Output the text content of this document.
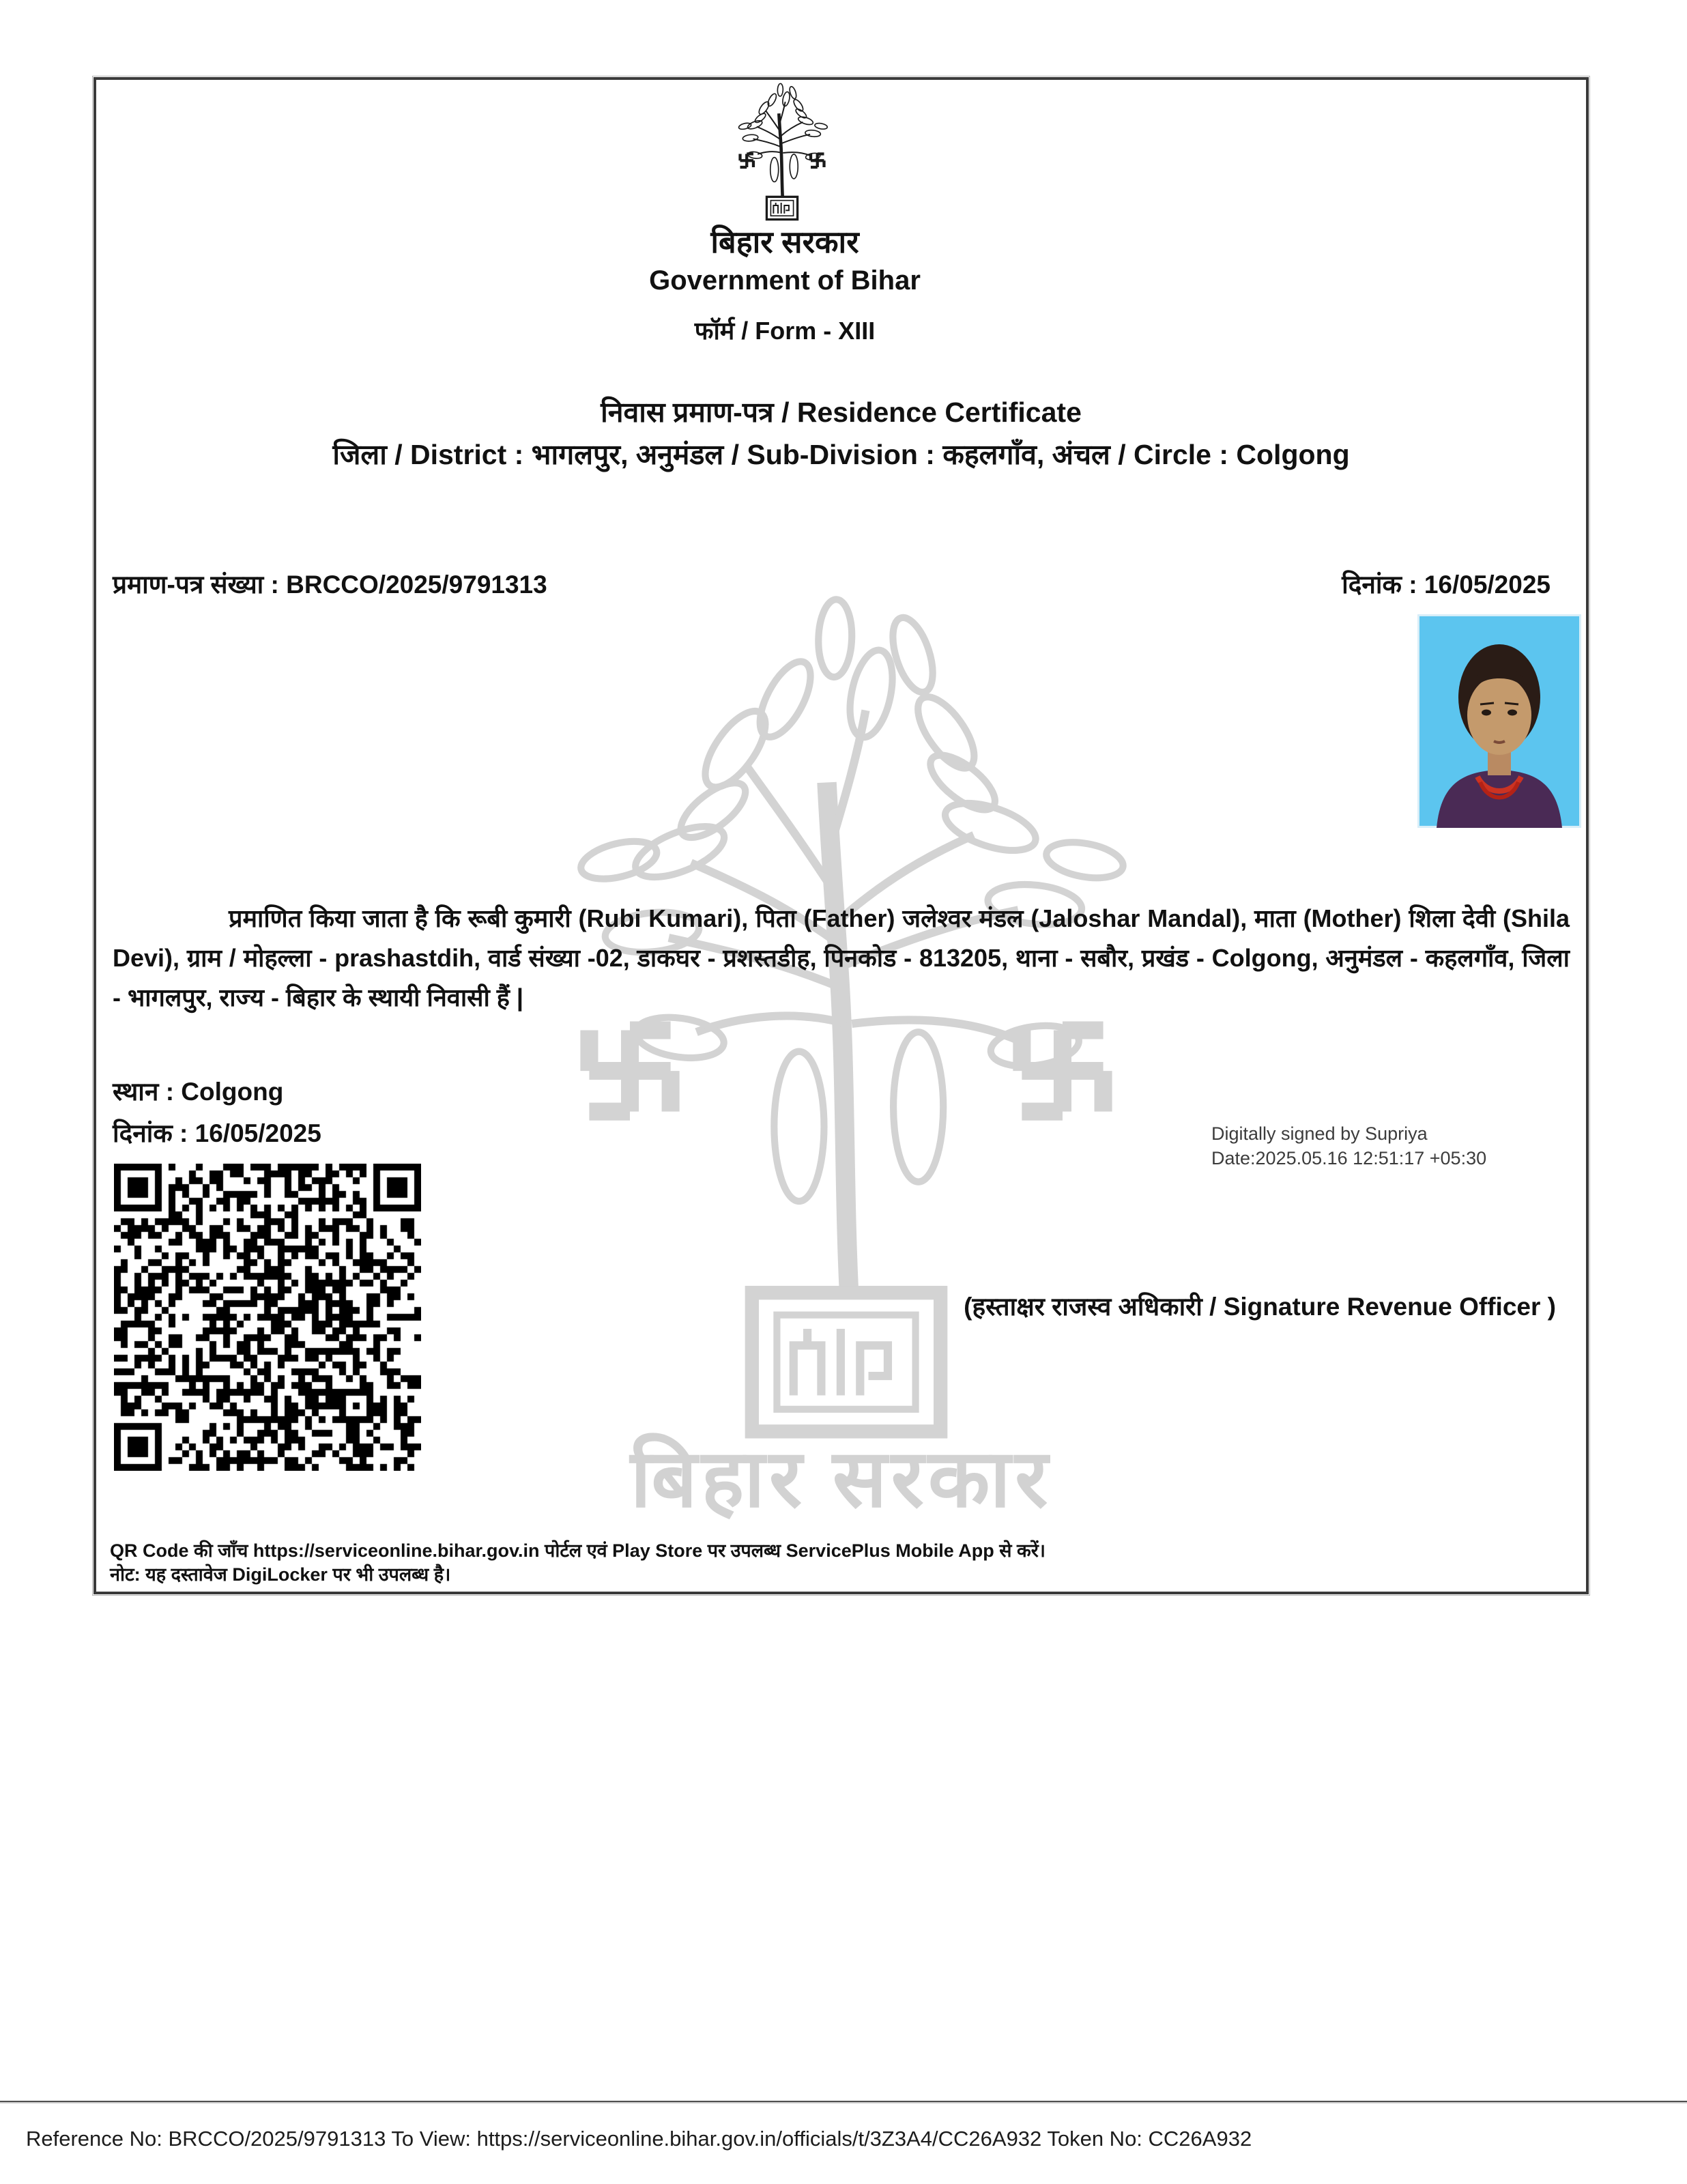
बिहार सरकार
बिहार सरकार
Government of Bihar
फॉर्म / Form - XIII
निवास प्रमाण-पत्र / Residence Certificate
जिला / District : भागलपुर, अनुमंडल / Sub-Division : कहलगाँव, अंचल / Circle : Colgong
प्रमाण-पत्र संख्या : BRCCO/2025/9791313	दिनांक : 16/05/2025
प्रमाणित किया जाता है कि रूबी कुमारी (Rubi Kumari), पिता (Father) जलेश्वर मंडल (Jaloshar Mandal), माता (Mother) शिला देवी (Shila Devi), ग्राम / मोहल्ला - prashastdih, वार्ड संख्या -02, डाकघर - प्रशस्तडीह, पिनकोड - 813205, थाना - सबौर, प्रखंड - Colgong, अनुमंडल - कहलगाँव, जिला - भागलपुर, राज्य - बिहार के स्थायी निवासी हैं |
स्थान : Colgong
दिनांक : 16/05/2025	Digitally signed by Supriya
Date:2025.05.16 12:51:17 +05:30
(हस्ताक्षर राजस्व अधिकारी / Signature Revenue Officer )
QR Code की जाँच https://serviceonline.bihar.gov.in पोर्टल एवं Play Store पर उपलब्ध ServicePlus Mobile App से करें।
नोट: यह दस्तावेज DigiLocker पर भी उपलब्ध है।
Reference No: BRCCO/2025/9791313 To View: https://serviceonline.bihar.gov.in/officials/t/3Z3A4/CC26A932 Token No: CC26A932
